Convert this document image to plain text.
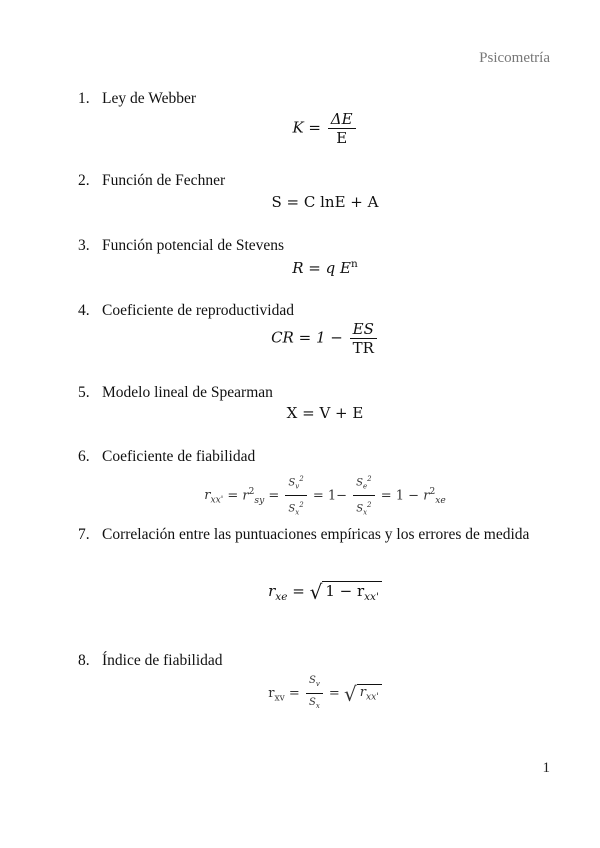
Psicometría
1. Ley de Webber
$K = \frac{\Delta E}{E}$
2. Función de Fechner
S = C lnE + A
3. Función potencial de Stevens
R = q $E^n$
4. Coeficiente de reproductividad
CR = $1 - \frac{ES}{TR}$
5. Modelo lineal de Spearman
X = V + E
6. Coeficiente de fiabilidad
$r_{xx'} = r^2_{sy} = \frac{S_v^2}{S_x^2} = 1- \frac{S_e^2}{S_x^2} = 1 - r^2_{xe}$
7. Correlación entre las puntuaciones empíricas y los errores de medida
$r_{xe}$ = √ $1 - r_{xx'}$
8. Índice de fiabilidad
$r_{xv} = \frac{S_v}{S_x}$ = √ $r_{xx'}$
1
